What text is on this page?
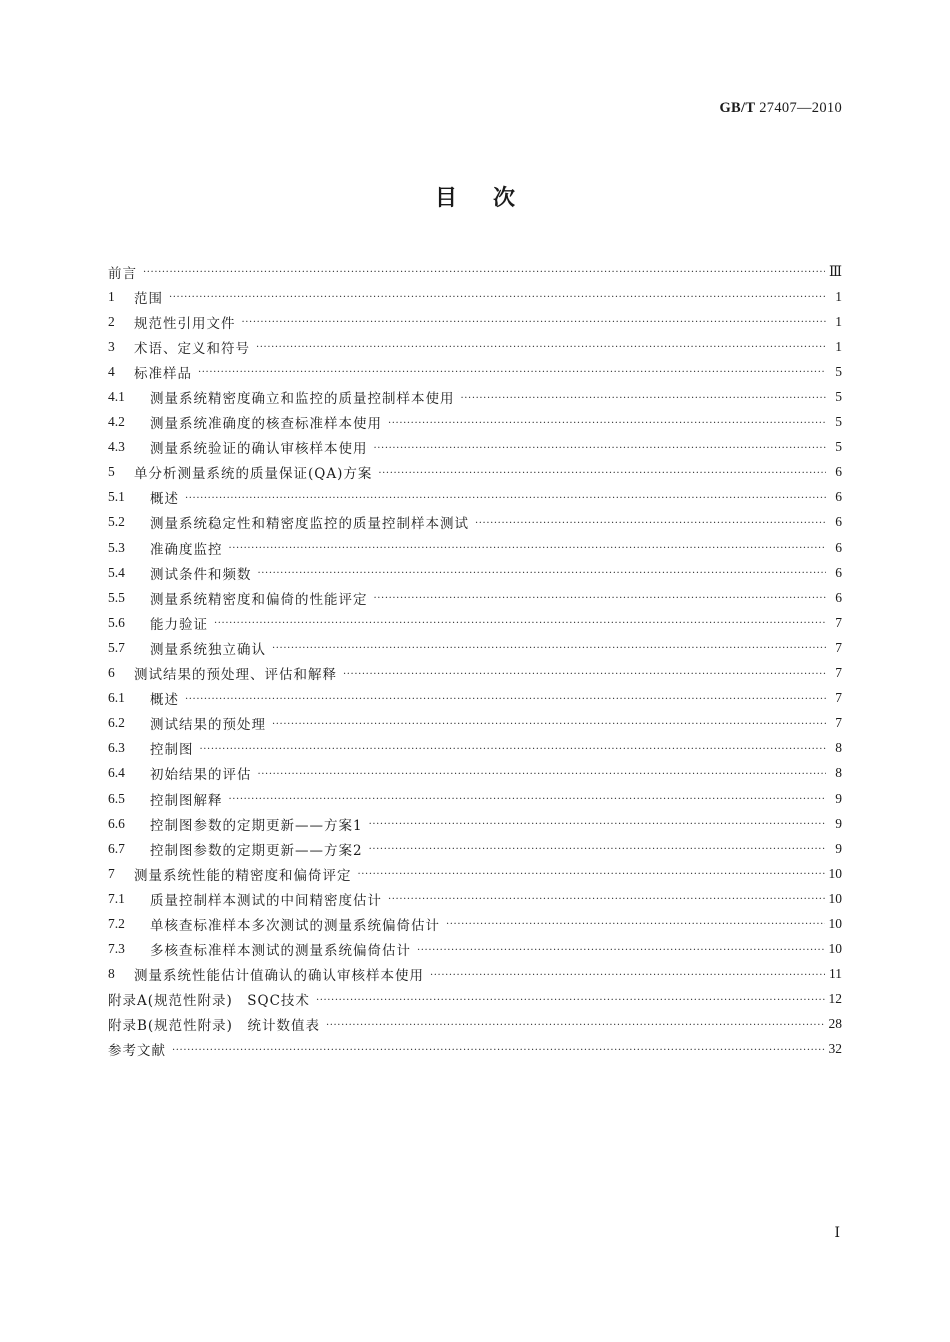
GB/T 27407—2010
目次
前言 ·····	Ⅲ
1	范围 ·····	1
2	规范性引用文件 ·····	1
3	术语、定义和符号 ·····	1
4	标准样品 ·····	5
4.1	测量系统精密度确立和监控的质量控制样本使用 ·····	5
4.2	测量系统准确度的核查标准样本使用 ·····	5
4.3	测量系统验证的确认审核样本使用 ·····	5
5	单分析测量系统的质量保证(QA)方案 ·····	6
5.1	概述 ·····	6
5.2	测量系统稳定性和精密度监控的质量控制样本测试 ·····	6
5.3	准确度监控 ·····	6
5.4	测试条件和频数 ·····	6
5.5	测量系统精密度和偏倚的性能评定 ·····	6
5.6	能力验证 ·····	7
5.7	测量系统独立确认 ·····	7
6	测试结果的预处理、评估和解释 ·····	7
6.1	概述 ·····	7
6.2	测试结果的预处理 ·····	7
6.3	控制图 ·····	8
6.4	初始结果的评估 ·····	8
6.5	控制图解释 ·····	9
6.6	控制图参数的定期更新——方案1 ·····	9
6.7	控制图参数的定期更新——方案2 ·····	9
7	测量系统性能的精密度和偏倚评定 ·····	10
7.1	质量控制样本测试的中间精密度估计 ·····	10
7.2	单核查标准样本多次测试的测量系统偏倚估计 ·····	10
7.3	多核查标准样本测试的测量系统偏倚估计 ·····	10
8	测量系统性能估计值确认的确认审核样本使用 ·····	11
附录A(规范性附录)　SQC技术 ·····	12
附录B(规范性附录)　统计数值表 ·····	28
参考文献 ·····	32
Ⅰ
